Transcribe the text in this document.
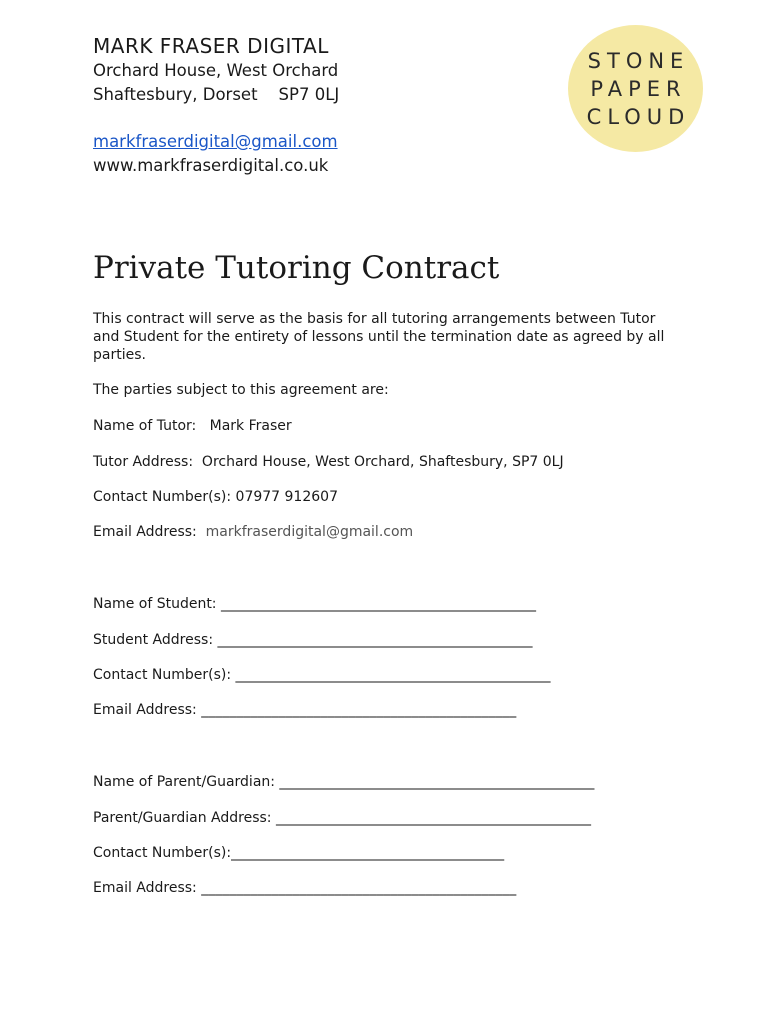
MARK FRASER DIGITAL

Orchard House, West Orchard

Shaftesbury, Dorset    SP7 0LJ

markfraserdigital@gmail.com
www.markfraserdigital.co.uk
STONE
PAPER
CLOUD
Private Tutoring Contract
This contract will serve as the basis for all tutoring arrangements between Tutor and Student for the entirety of lessons until the termination date as agreed by all parties.
The parties subject to this agreement are:
Name of Tutor:   Mark Fraser
Tutor Address:  Orchard House, West Orchard, Shaftesbury, SP7 0LJ
Contact Number(s): 07977 912607
Email Address:  markfraserdigital@gmail.com
Name of Student: _____________________________________________
Student Address: _____________________________________________
Contact Number(s): _____________________________________________
Email Address: _____________________________________________
Name of Parent/Guardian: _____________________________________________
Parent/Guardian Address: _____________________________________________
Contact Number(s):_______________________________________
Email Address: _____________________________________________
